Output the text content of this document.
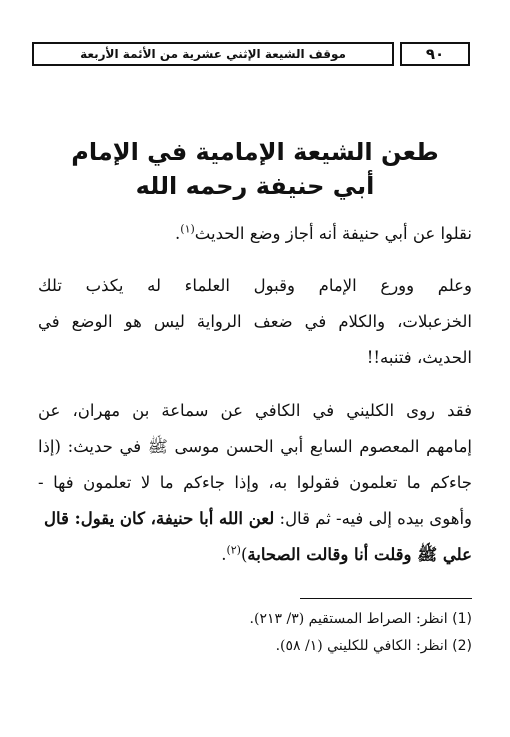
٩٠
موقف الشيعة الإثني عشرية من الأئمة الأربعة
طعن الشيعة الإمامية في الإمام
أبي حنيفة رحمه الله
نقلوا عن أبي حنيفة أنه أجاز وضع الحديث$^{(١)}$.
وعلم وورع الإمام وقبول العلماء له يكذب تلك
الخزعبلات، والكلام في ضعف الرواية ليس هو الوضع في
الحديث، فتنبه!!
فقد روى الكليني في الكافي عن سماعة بن مهران، عن
إمامهم المعصوم السابع أبي الحسن موسى ﷺ في حديث: (إذا
جاءكم ما تعلمون فقولوا به، وإذا جاءكم ما لا تعلمون فها -
وأهوى بيده إلى فيه- ثم قال: لعن الله أبا حنيفة، كان يقول: قال
علي ﷺ وقلت أنا وقالت الصحابة)$^{(٢)}$.
(1) انظر: الصراط المستقيم (٣/ ٢١٣).
(2) انظر: الكافي للكليني (١/ ٥٨).
